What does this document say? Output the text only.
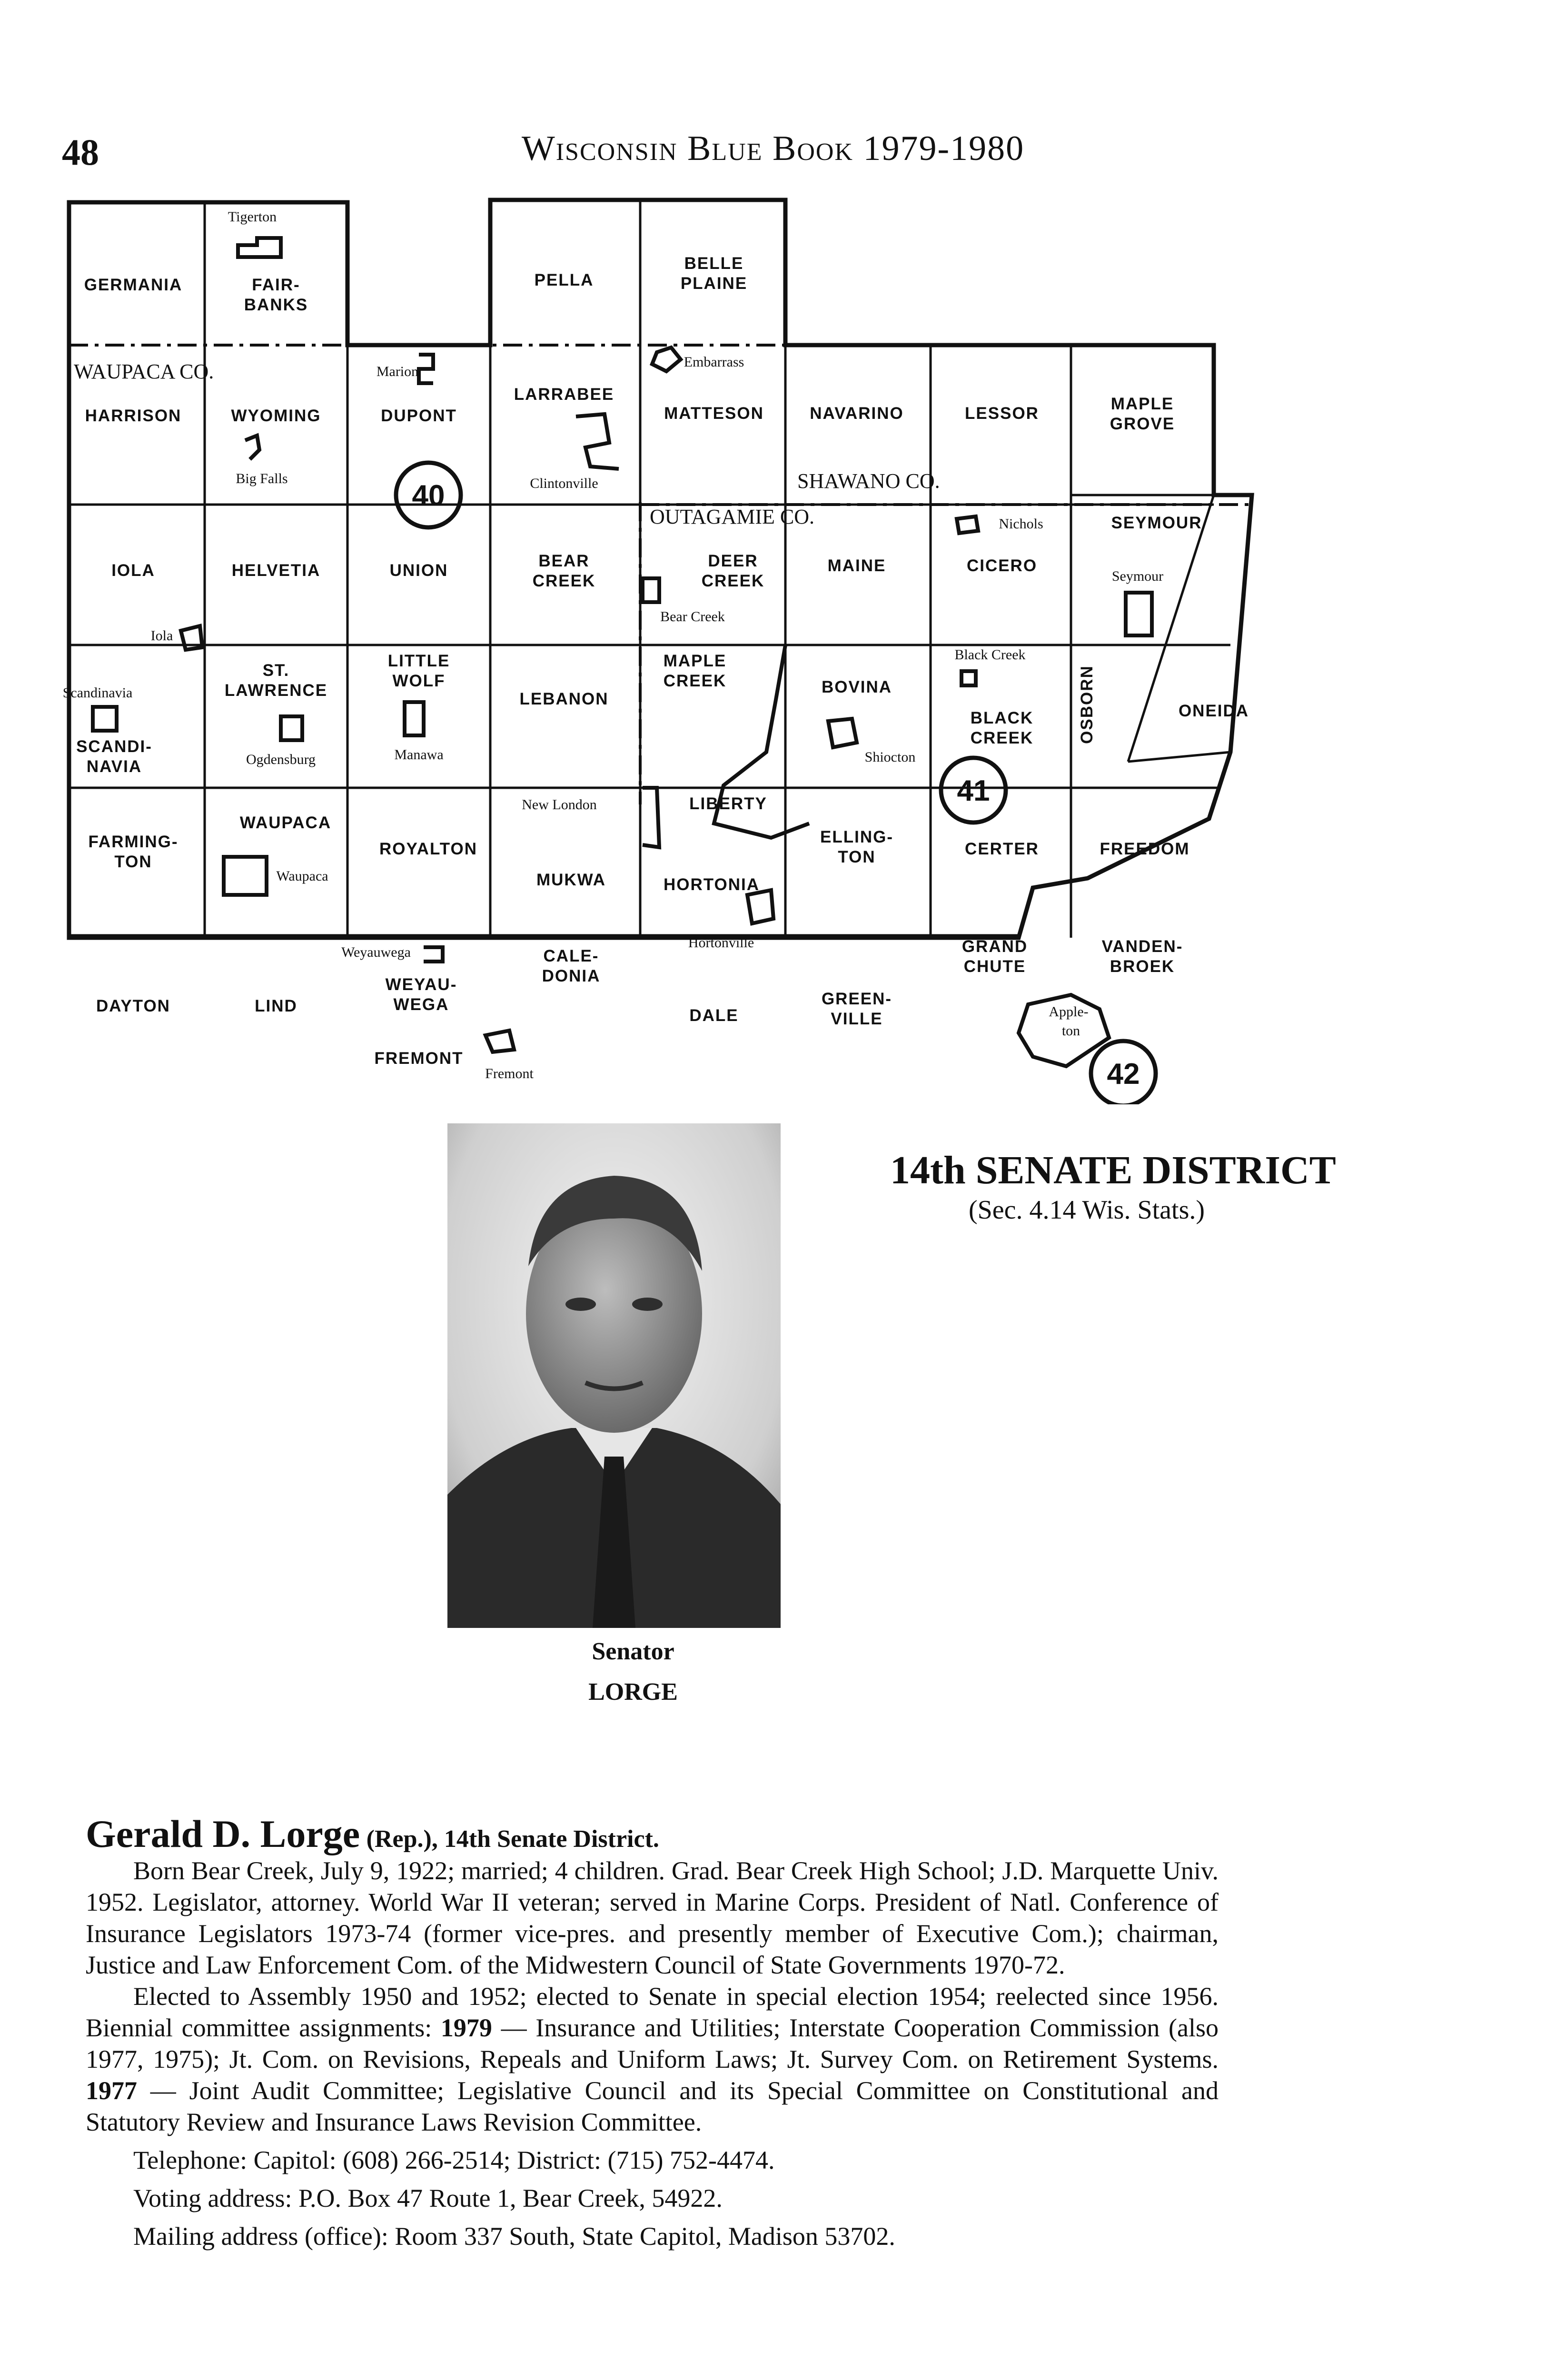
48	Wisconsin Blue Book 1979-1980
40
41
42
WAUPACA CO.
SHAWANO CO.
OUTAGAMIE CO.
GERMANIA	FAIR-
BANKS
PELLA
BELLE
PLAINE
HARRISON	WYOMING	DUPONT
LARRABEE
MATTESON	NAVARINO	LESSOR
MAPLE
GROVE
IOLA	HELVETIA	UNION
BEAR
CREEK
DEER
CREEK
MAINE	CICERO
SEYMOUR
ST.
LAWRENCE
LITTLE
WOLF
LEBANON
MAPLE
CREEK	BOVINA
BLACK
CREEK	OSBORN	ONEIDA
SCANDI-
NAVIA
FARMING-
TON
WAUPACA
ROYALTON
MUKWA
LIBERTY
HORTONIA
ELLING-
TON	CERTER	FREEDOM
DAYTON	LIND
WEYAU-
WEGA
CALE-
DONIA
DALE
GREEN-
VILLE
GRAND
CHUTE
VANDEN-
BROEK
FREMONT
Tigerton
Marion
Embarrass
Big Falls	Clintonville
Nichols
Seymour
Iola
Bear Creek
Scandinavia
Ogdensburg	Manawa
Black Creek
Shiocton
New London
Waupaca
Weyauwega
Hortonville
Apple-
ton
Fremont
Senator
LORGE
14th SENATE DISTRICT
(Sec. 4.14 Wis. Stats.)
Gerald D. Lorge (Rep.), 14th Senate District.

Born Bear Creek, July 9, 1922; married; 4 children. Grad. Bear Creek High School; J.D. Marquette Univ. 1952. Legislator, attorney. World War II veteran; served in Marine Corps. President of Natl. Conference of Insurance Legislators 1973-74 (former vice-pres. and presently member of Executive Com.); chairman, Justice and Law Enforcement Com. of the Midwestern Council of State Governments 1970-72.

Elected to Assembly 1950 and 1952; elected to Senate in special election 1954; reelected since 1956. Biennial committee assignments: 1979 — Insurance and Utilities; Interstate Cooperation Commission (also 1977, 1975); Jt. Com. on Revisions, Repeals and Uniform Laws; Jt. Survey Com. on Retirement Systems. 1977 — Joint Audit Committee; Legislative Council and its Special Committee on Constitutional and Statutory Review and Insurance Laws Revision Committee.

Telephone: Capitol: (608) 266-2514; District: (715) 752-4474.

Voting address: P.O. Box 47 Route 1, Bear Creek, 54922.

Mailing address (office): Room 337 South, State Capitol, Madison 53702.
